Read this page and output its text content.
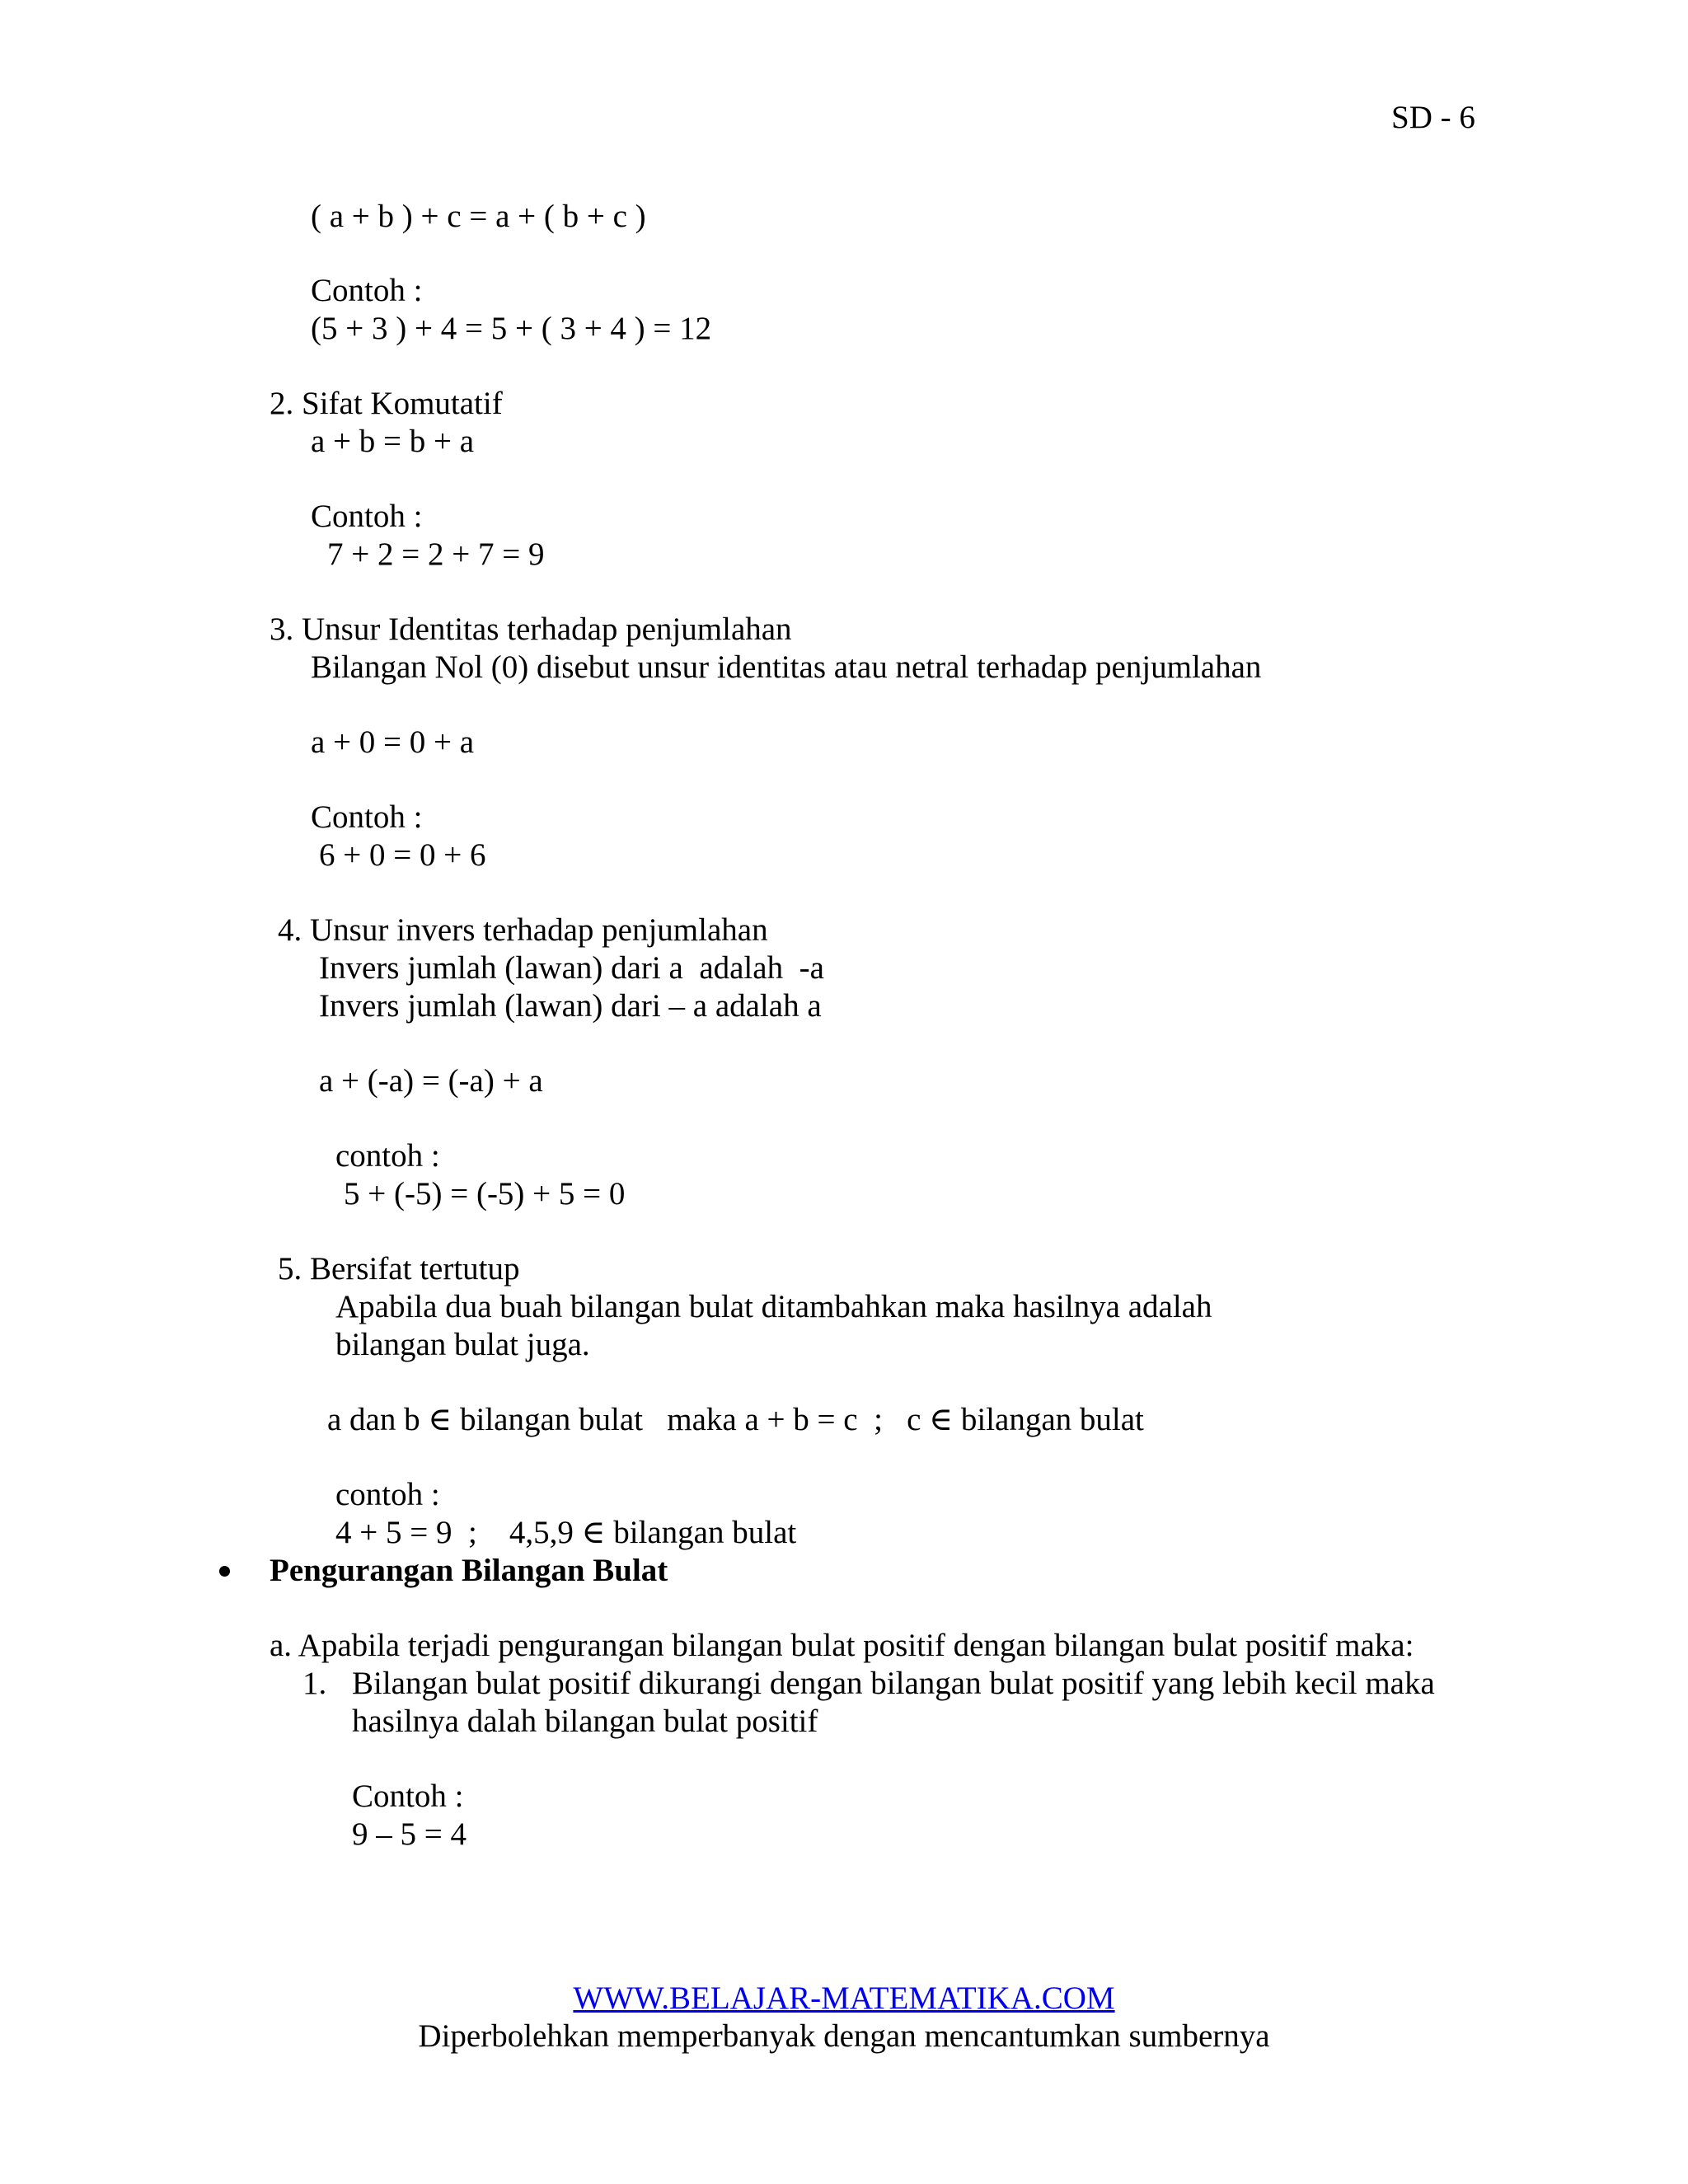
SD - 6
( a + b ) + c = a + ( b + c )
Contoh :
(5 + 3 ) + 4 = 5 + ( 3 + 4 ) = 12
2. Sifat Komutatif
a + b = b + a
Contoh :
7 + 2 = 2 + 7 = 9
3. Unsur Identitas terhadap penjumlahan
Bilangan Nol (0) disebut unsur identitas atau netral terhadap penjumlahan
a + 0 = 0 + a
Contoh :
6 + 0 = 0 + 6
4. Unsur invers terhadap penjumlahan
Invers jumlah (lawan) dari a  adalah  -a
Invers jumlah (lawan) dari – a adalah a
a + (-a) = (-a) + a
contoh :
5 + (-5) = (-5) + 5 = 0
5. Bersifat tertutup
Apabila dua buah bilangan bulat ditambahkan maka hasilnya adalah
bilangan bulat juga.
a dan b ∈ bilangan bulat   maka a + b = c  ;   c ∈ bilangan bulat
contoh :
4 + 5 = 9  ;    4,5,9 ∈ bilangan bulat
Pengurangan Bilangan Bulat
a. Apabila terjadi pengurangan bilangan bulat positif dengan bilangan bulat positif maka:
1. Bilangan bulat positif dikurangi dengan bilangan bulat positif yang lebih kecil maka
hasilnya dalah bilangan bulat positif
Contoh :
9 – 5 = 4
WWW.BELAJAR-MATEMATIKA.COM
Diperbolehkan memperbanyak dengan mencantumkan sumbernya
